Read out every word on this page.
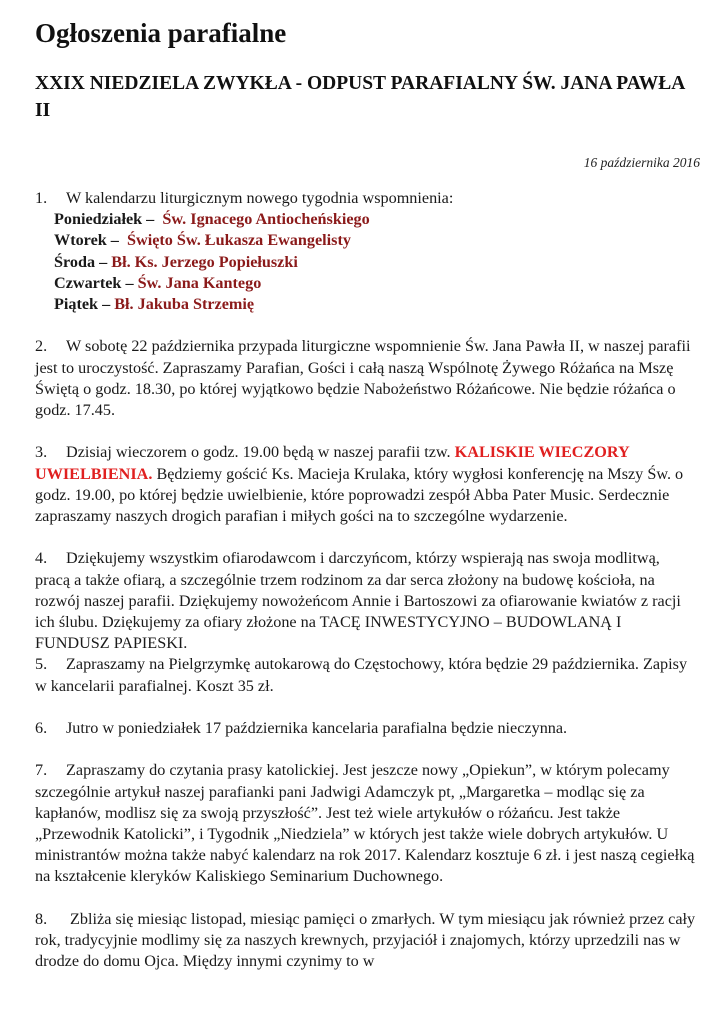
Ogłoszenia parafialne
XXIX NIEDZIELA ZWYKŁA - ODPUST PARAFIALNY ŚW. JANA PAWŁA II
16 października 2016
1. W kalendarzu liturgicznym nowego tygodnia wspomnienia:
Poniedziałek – Św. Ignacego Antiocheńskiego
Wtorek – Święto Św. Łukasza Ewangelisty
Środa – Bł. Ks. Jerzego Popiełuszki
Czwartek – Św. Jana Kantego
Piątek – Bł. Jakuba Strzemię
2. W sobotę 22 października przypada liturgiczne wspomnienie Św. Jana Pawła II, w naszej parafii jest to uroczystość. Zapraszamy Parafian, Gości i całą naszą Wspólnotę Żywego Różańca na Mszę Świętą o godz. 18.30, po której wyjątkowo będzie Nabożeństwo Różańcowe. Nie będzie różańca o godz. 17.45.
3. Dzisiaj wieczorem o godz. 19.00 będą w naszej parafii tzw. KALISKIE WIECZORY UWIELBIENIA. Będziemy gościć Ks. Macieja Krulaka, który wygłosi konferencję na Mszy Św. o godz. 19.00, po której będzie uwielbienie, które poprowadzi zespół Abba Pater Music. Serdecznie zapraszamy naszych drogich parafian i miłych gości na to szczególne wydarzenie.
4. Dziękujemy wszystkim ofiarodawcom i darczyńcom, którzy wspierają nas swoja modlitwą, pracą a także ofiarą, a szczególnie trzem rodzinom za dar serca złożony na budowę kościoła, na rozwój naszej parafii. Dziękujemy nowożeńcom Annie i Bartoszowi za ofiarowanie kwiatów z racji ich ślubu. Dziękujemy za ofiary złożone na TACĘ INWESTYCYJNO – BUDOWLANĄ I FUNDUSZ PAPIESKI.
5. Zapraszamy na Pielgrzymkę autokarową do Częstochowy, która będzie 29 października. Zapisy w kancelarii parafialnej. Koszt 35 zł.
6. Jutro w poniedziałek 17 października kancelaria parafialna będzie nieczynna.
7. Zapraszamy do czytania prasy katolickiej. Jest jeszcze nowy „Opiekun”, w którym polecamy szczególnie artykuł naszej parafianki pani Jadwigi Adamczyk pt, „Margaretka – modląc się za kapłanów, modlisz się za swoją przyszłość”. Jest też wiele artykułów o różańcu. Jest także „Przewodnik Katolicki”, i Tygodnik „Niedziela” w których jest także wiele dobrych artykułów. U ministrantów można także nabyć kalendarz na rok 2017. Kalendarz kosztuje 6 zł. i jest naszą cegiełką na kształcenie kleryków Kaliskiego Seminarium Duchownego.
8. Zbliża się miesiąc listopad, miesiąc pamięci o zmarłych. W tym miesiącu jak również przez cały rok, tradycyjnie modlimy się za naszych krewnych, przyjaciół i znajomych, którzy uprzedzili nas w drodze do domu Ojca. Między innymi czynimy to w
